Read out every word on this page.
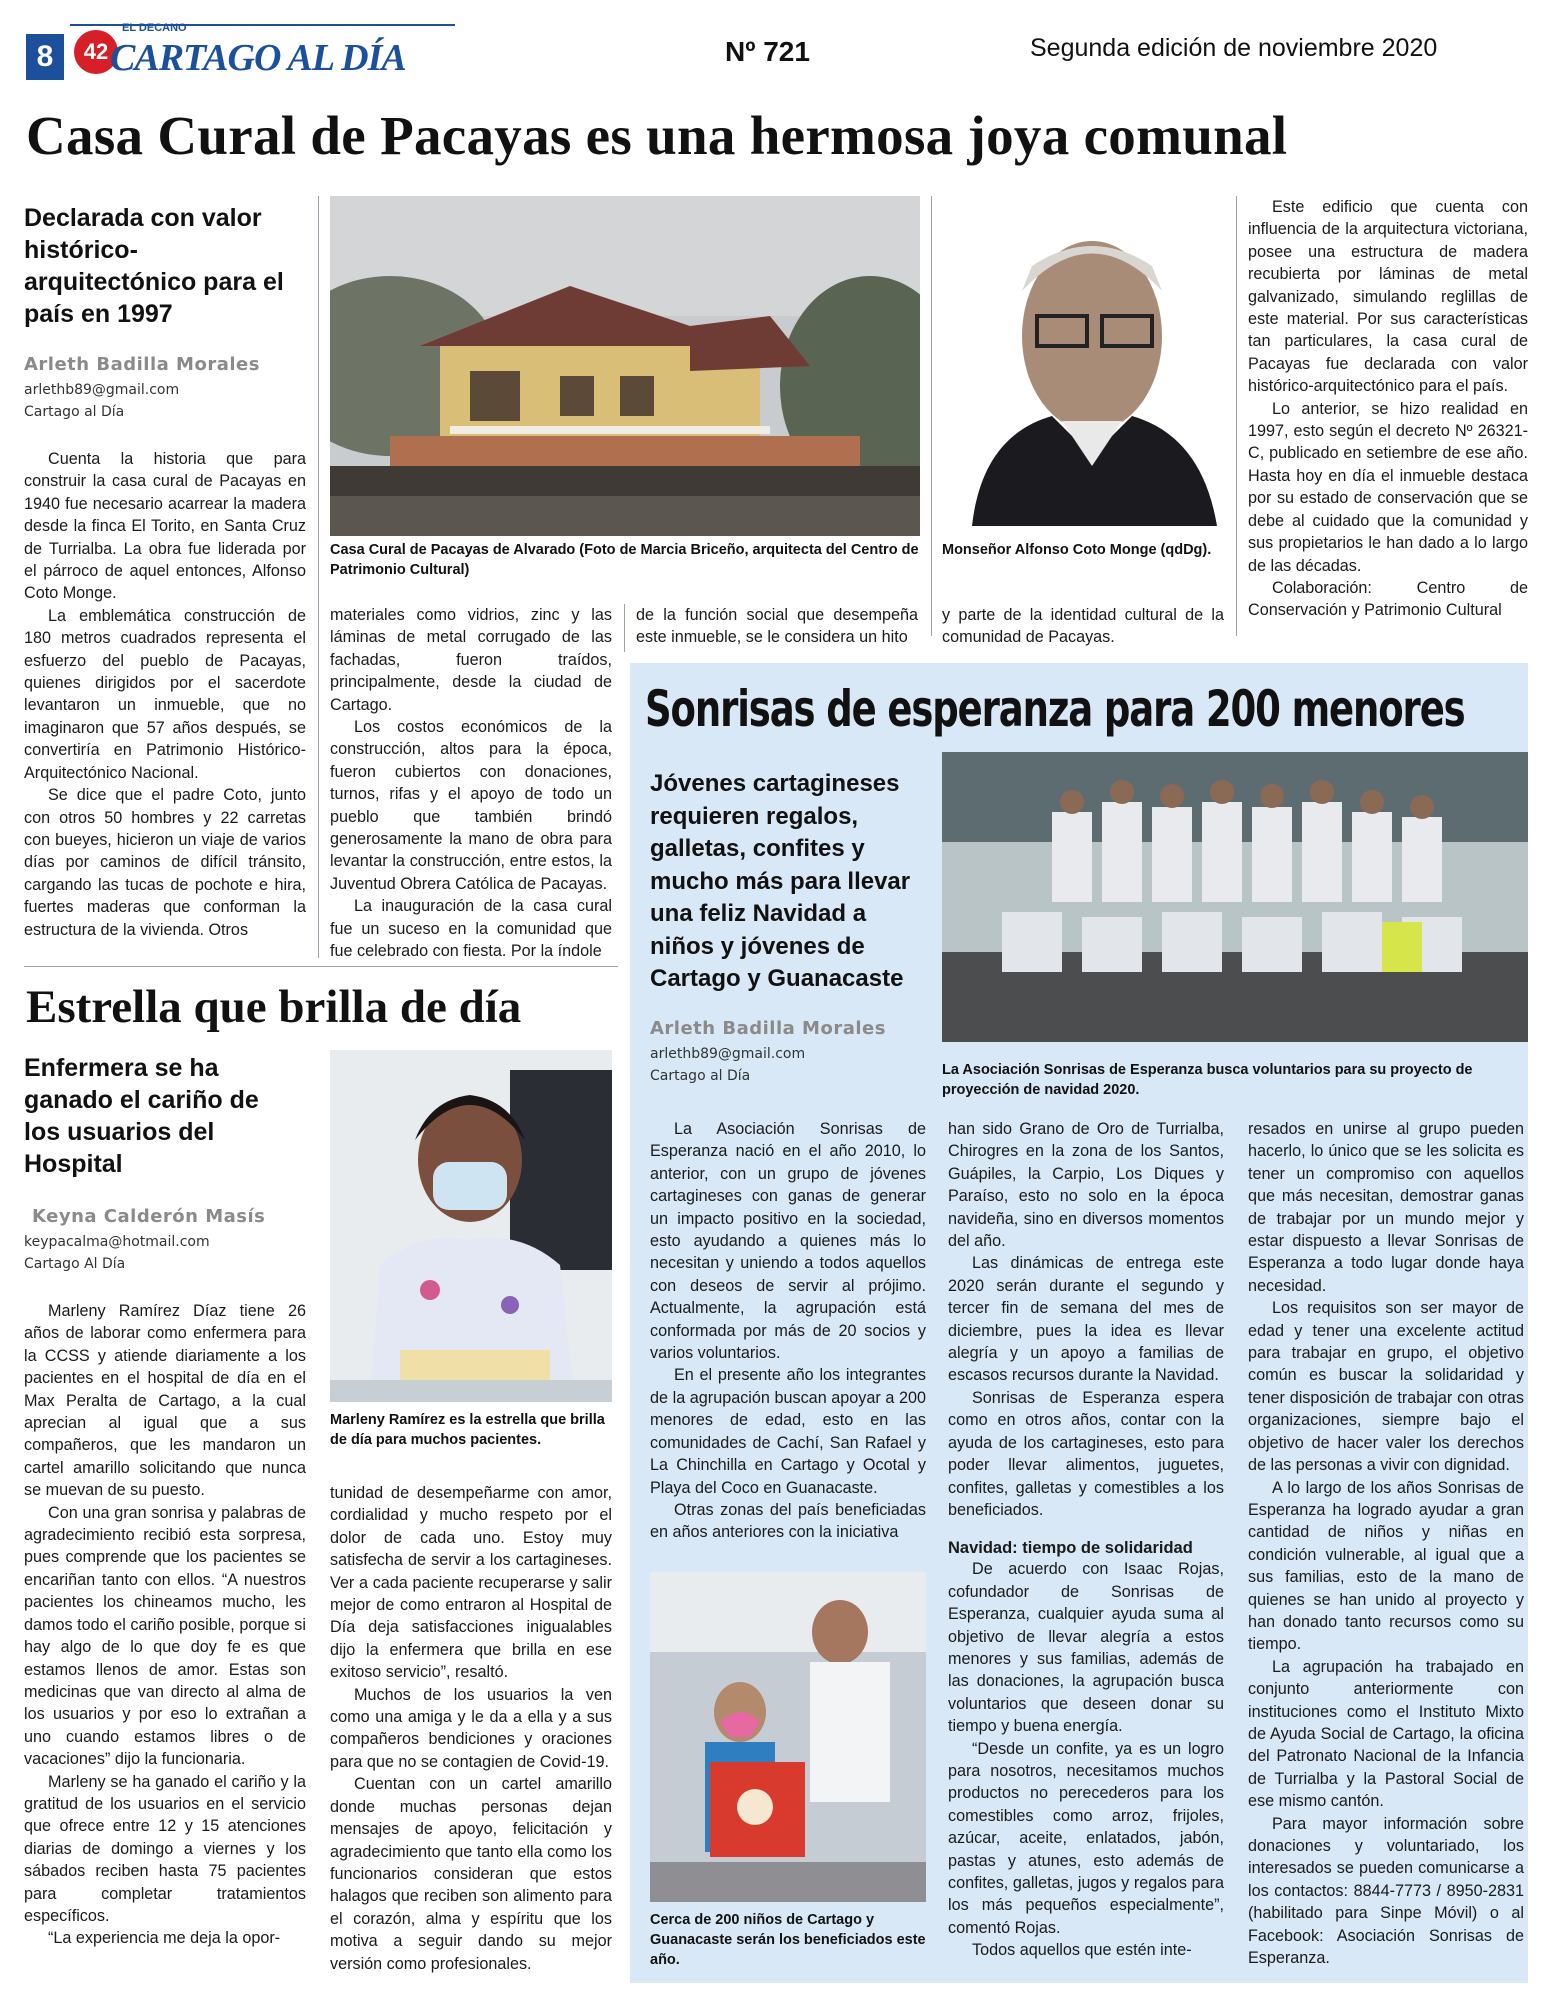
8
EL DECANO
42 CARTAGO AL DÍA	Nº 721	Segunda edición de noviembre 2020
Casa Cural de Pacayas es una hermosa joya comunal
Declarada con valor histórico-arquitectónico para el país en 1997
Arleth Badilla Morales
arlethb89@gmail.com
Cartago al Día

Cuenta la historia que para construir la casa cural de Pacayas en 1940 fue necesario acarrear la madera desde la finca El Torito, en Santa Cruz de Turrialba. La obra fue liderada por el párroco de aquel entonces, Alfonso Coto Monge.

La emblemática construcción de 180 metros cuadrados representa el esfuerzo del pueblo de Pacayas, quienes dirigidos por el sacerdote levantaron un inmueble, que no imaginaron que 57 años después, se convertiría en Patrimonio Histórico-Arquitectónico Nacional.

Se dice que el padre Coto, junto con otros 50 hombres y 22 carretas con bueyes, hicieron un viaje de varios días por caminos de difícil tránsito, cargando las tucas de pochote e hira, fuertes maderas que conforman la estructura de la vivienda. Otros

Casa Cural de Pacayas de Alvarado (Foto de Marcia Briceño, arquitecta del Centro de Patrimonio Cultural)
Monseñor Alfonso Coto Monge (qdDg).

materiales como vidrios, zinc y las láminas de metal corrugado de las fachadas, fueron traídos, principalmente, desde la ciudad de Cartago.

Los costos económicos de la construcción, altos para la época, fueron cubiertos con donaciones, turnos, rifas y el apoyo de todo un pueblo que también brindó generosamente la mano de obra para levantar la construcción, entre estos, la Juventud Obrera Católica de Pacayas.

La inauguración de la casa cural fue un suceso en la comunidad que fue celebrado con fiesta. Por la índole

de la función social que desempeña este inmueble, se le considera un hito

y parte de la identidad cultural de la comunidad de Pacayas.

Este edificio que cuenta con influencia de la arquitectura victoriana, posee una estructura de madera recubierta por láminas de metal galvanizado, simulando reglillas de este material. Por sus características tan particulares, la casa cural de Pacayas fue declarada con valor histórico-arquitectónico para el país.

Lo anterior, se hizo realidad en 1997, esto según el decreto Nº 26321-C, publicado en setiembre de ese año. Hasta hoy en día el inmueble destaca por su estado de conservación que se debe al cuidado que la comunidad y sus propietarios le han dado a lo largo de las décadas.

Colaboración: Centro de Conservación y Patrimonio Cultural

Estrella que brilla de día
Enfermera se ha ganado el cariño de los usuarios del Hospital
Keyna Calderón Masís
keypacalma@hotmail.com
Cartago Al Día

Marleny Ramírez Díaz tiene 26 años de laborar como enfermera para la CCSS y atiende diariamente a los pacientes en el hospital de día en el Max Peralta de Cartago, a la cual aprecian al igual que a sus compañeros, que les mandaron un cartel amarillo solicitando que nunca se muevan de su puesto.

Con una gran sonrisa y palabras de agradecimiento recibió esta sorpresa, pues comprende que los pacientes se encariñan tanto con ellos. “A nuestros pacientes los chineamos mucho, les damos todo el cariño posible, porque si hay algo de lo que doy fe es que estamos llenos de amor. Estas son medicinas que van directo al alma de los usuarios y por eso lo extrañan a uno cuando estamos libres o de vacaciones” dijo la funcionaria.

Marleny se ha ganado el cariño y la gratitud de los usuarios en el servicio que ofrece entre 12 y 15 atenciones diarias de domingo a viernes y los sábados reciben hasta 75 pacientes para completar tratamientos específicos.

“La experiencia me deja la opor-

Marleny Ramírez es la estrella que brilla de día para muchos pacientes.

tunidad de desempeñarme con amor, cordialidad y mucho respeto por el dolor de cada uno. Estoy muy satisfecha de servir a los cartagineses. Ver a cada paciente recuperarse y salir mejor de como entraron al Hospital de Día deja satisfacciones inigualables dijo la enfermera que brilla en ese exitoso servicio”, resaltó.

Muchos de los usuarios la ven como una amiga y le da a ella y a sus compañeros bendiciones y oraciones para que no se contagien de Covid-19.

Cuentan con un cartel amarillo donde muchas personas dejan mensajes de apoyo, felicitación y agradecimiento que tanto ella como los funcionarios consideran que estos halagos que reciben son alimento para el corazón, alma y espíritu que los motiva a seguir dando su mejor versión como profesionales.

Sonrisas de esperanza para 200 menores
Jóvenes cartagineses requieren regalos, galletas, confites y mucho más para llevar una feliz Navidad a niños y jóvenes de Cartago y Guanacaste
Arleth Badilla Morales
arlethb89@gmail.com
Cartago al Día	La Asociación Sonrisas de Esperanza busca voluntarios para su proyecto de proyección de navidad 2020.

La Asociación Sonrisas de Esperanza nació en el año 2010, lo anterior, con un grupo de jóvenes cartagineses con ganas de generar un impacto positivo en la sociedad, esto ayudando a quienes más lo necesitan y uniendo a todos aquellos con deseos de servir al prójimo. Actualmente, la agrupación está conformada por más de 20 socios y varios voluntarios.

En el presente año los integrantes de la agrupación buscan apoyar a 200 menores de edad, esto en las comunidades de Cachí, San Rafael y La Chinchilla en Cartago y Ocotal y Playa del Coco en Guanacaste.

Otras zonas del país beneficiadas en años anteriores con la iniciativa

Cerca de 200 niños de Cartago y Guanacaste serán los beneficiados este año.

han sido Grano de Oro de Turrialba, Chirogres en la zona de los Santos, Guápiles, la Carpio, Los Diques y Paraíso, esto no solo en la época navideña, sino en diversos momentos del año.

Las dinámicas de entrega este 2020 serán durante el segundo y tercer fin de semana del mes de diciembre, pues la idea es llevar alegría y un apoyo a familias de escasos recursos durante la Navidad.

Sonrisas de Esperanza espera como en otros años, contar con la ayuda de los cartagineses, esto para poder llevar alimentos, juguetes, confites, galletas y comestibles a los beneficiados.

Navidad: tiempo de solidaridad

De acuerdo con Isaac Rojas, cofundador de Sonrisas de Esperanza, cualquier ayuda suma al objetivo de llevar alegría a estos menores y sus familias, además de las donaciones, la agrupación busca voluntarios que deseen donar su tiempo y buena energía.

“Desde un confite, ya es un logro para nosotros, necesitamos muchos productos no perecederos para los comestibles como arroz, frijoles, azúcar, aceite, enlatados, jabón, pastas y atunes, esto además de confites, galletas, jugos y regalos para los más pequeños especialmente”, comentó Rojas.

Todos aquellos que estén inte-

resados en unirse al grupo pueden hacerlo, lo único que se les solicita es tener un compromiso con aquellos que más necesitan, demostrar ganas de trabajar por un mundo mejor y estar dispuesto a llevar Sonrisas de Esperanza a todo lugar donde haya necesidad.

Los requisitos son ser mayor de edad y tener una excelente actitud para trabajar en grupo, el objetivo común es buscar la solidaridad y tener disposición de trabajar con otras organizaciones, siempre bajo el objetivo de hacer valer los derechos de las personas a vivir con dignidad.

A lo largo de los años Sonrisas de Esperanza ha logrado ayudar a gran cantidad de niños y niñas en condición vulnerable, al igual que a sus familias, esto de la mano de quienes se han unido al proyecto y han donado tanto recursos como su tiempo.

La agrupación ha trabajado en conjunto anteriormente con instituciones como el Instituto Mixto de Ayuda Social de Cartago, la oficina del Patronato Nacional de la Infancia de Turrialba y la Pastoral Social de ese mismo cantón.

Para mayor información sobre donaciones y voluntariado, los interesados se pueden comunicarse a los contactos: 8844-7773 / 8950-2831 (habilitado para Sinpe Móvil) o al Facebook: Asociación Sonrisas de Esperanza.
